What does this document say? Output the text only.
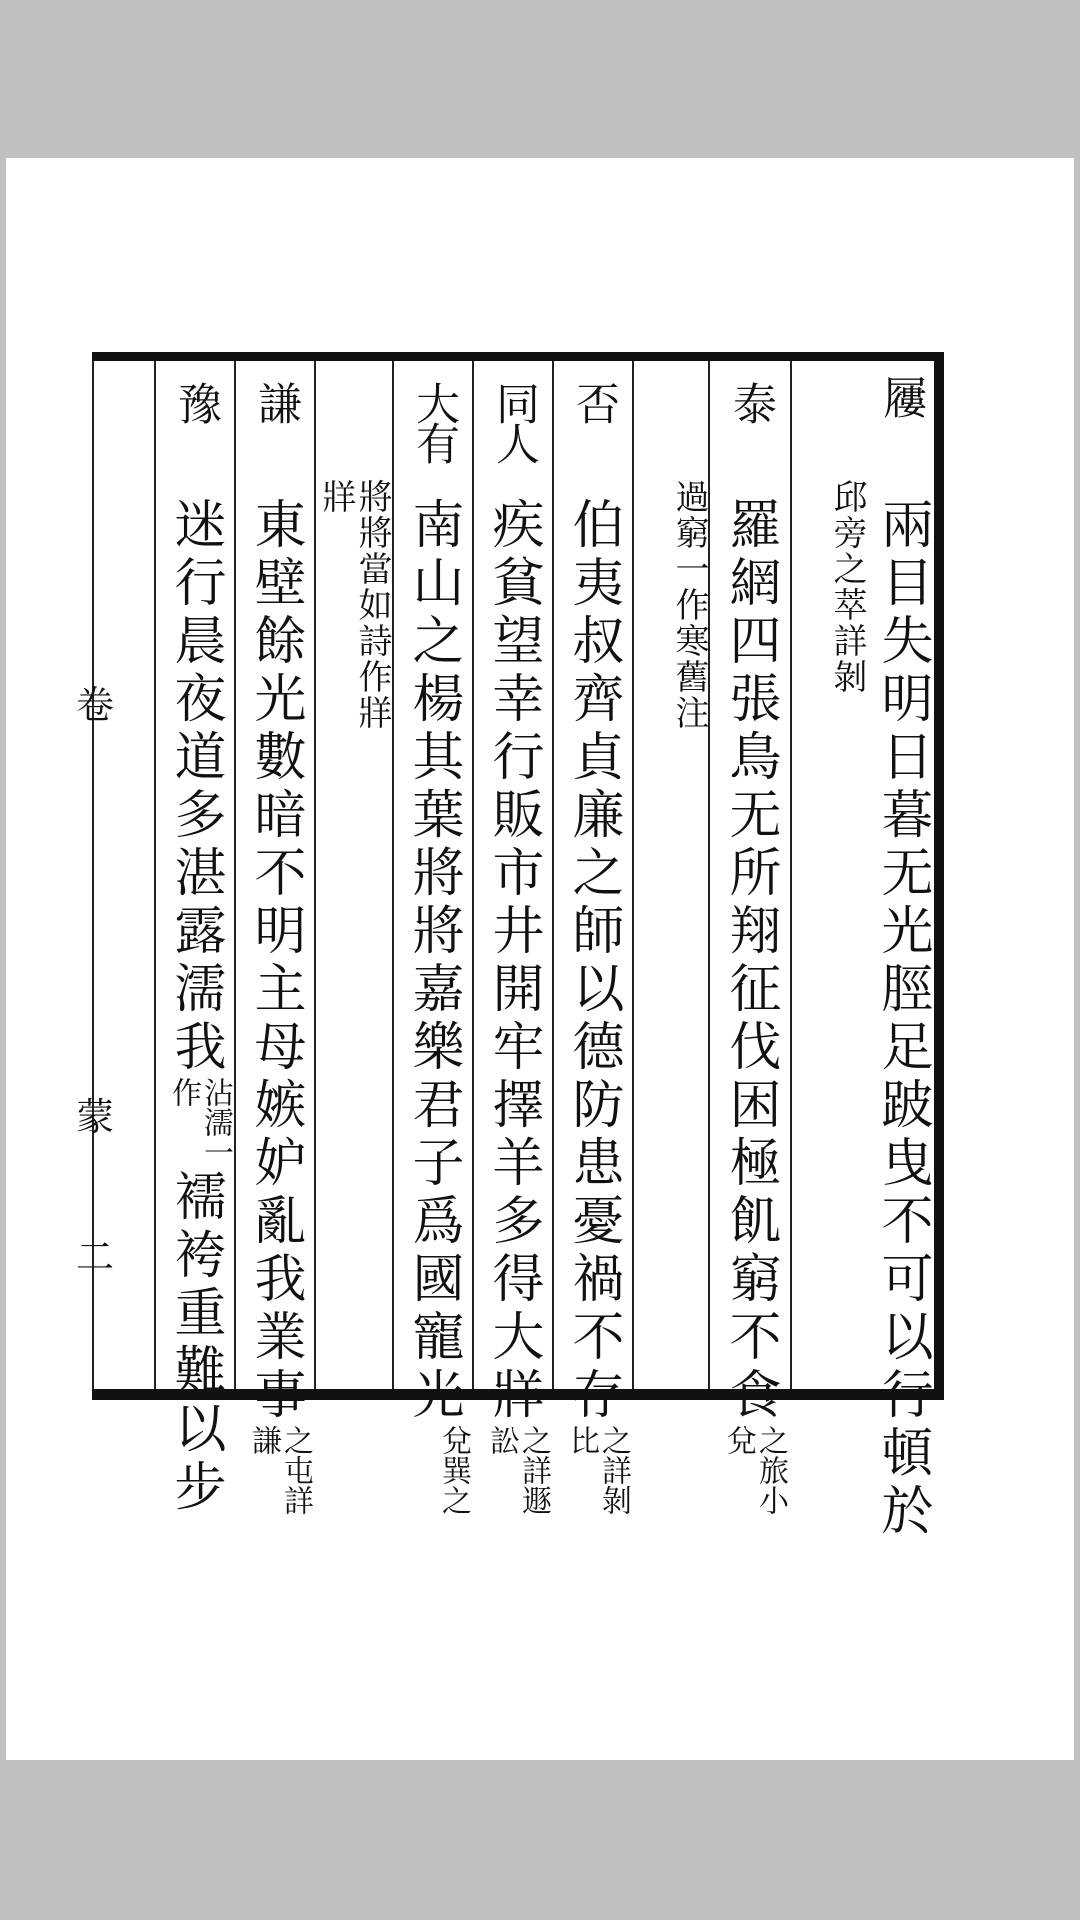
屨
兩目失明日暮无光脛足跛曳不可以行頓於
邱旁之萃詳剝
泰
羅網四張鳥无所翔征伐困極飢窮不食之旅小兌
過窮一作寒舊注
否
伯夷叔齊貞廉之師以德防患憂禍不存之詳剝比
同人
疾貧望幸行販市井開牢擇羊多得大牂之詳遯訟
大有
南山之楊其葉將將嘉樂君子爲國寵光兌巽之
將將當如詩作牂牂
謙
東壁餘光數暗不明主母嫉妒亂我業事之屯詳謙
豫
迷行晨夜道多湛露濡我沾濡一作襦袴重難以步
卷
蒙
二
